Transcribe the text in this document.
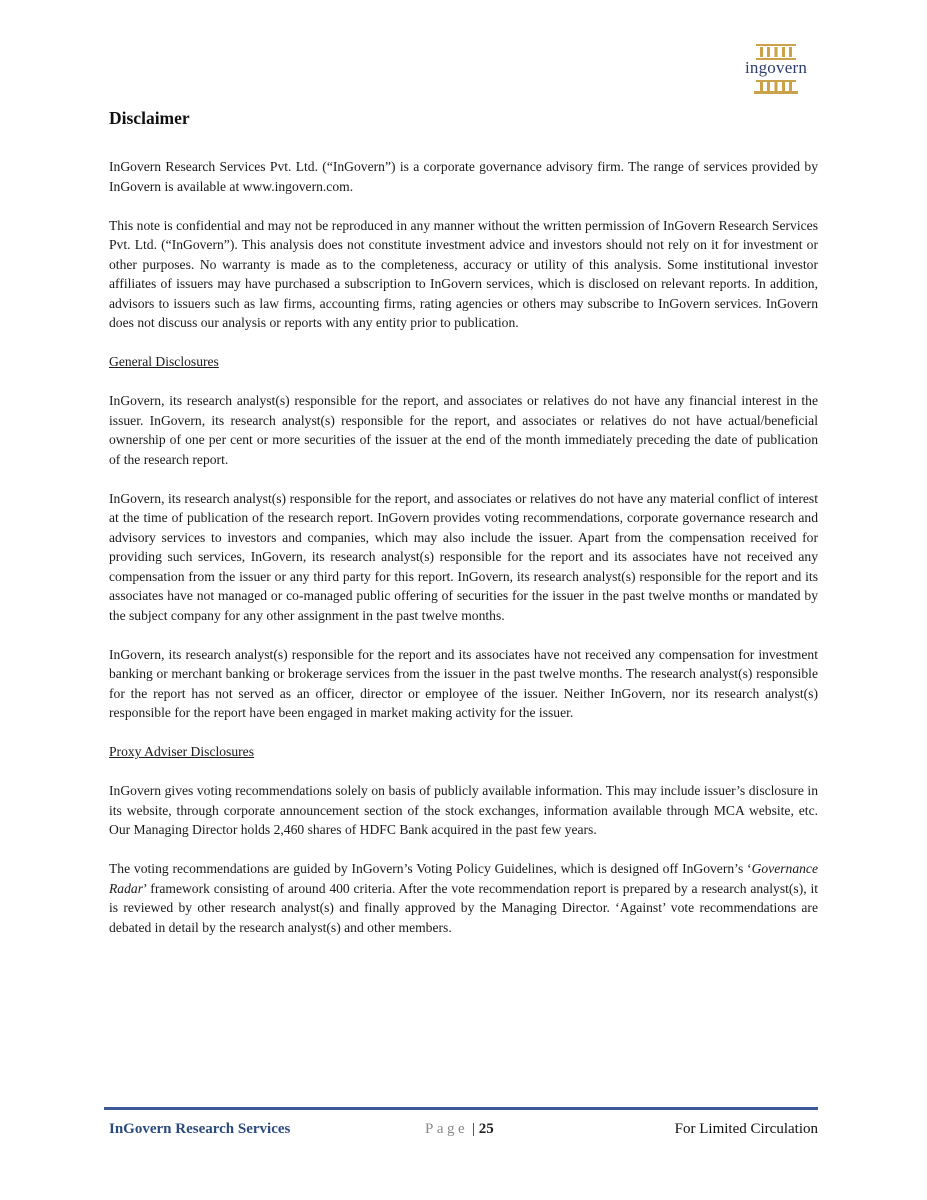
ingovern
Disclaimer

InGovern Research Services Pvt. Ltd. (“InGovern”) is a corporate governance advisory firm. The range of services provided by InGovern is available at www.ingovern.com.

This note is confidential and may not be reproduced in any manner without the written permission of InGovern Research Services Pvt. Ltd. (“InGovern”). This analysis does not constitute investment advice and investors should not rely on it for investment or other purposes. No warranty is made as to the completeness, accuracy or utility of this analysis. Some institutional investor affiliates of issuers may have purchased a subscription to InGovern services, which is disclosed on relevant reports. In addition, advisors to issuers such as law firms, accounting firms, rating agencies or others may subscribe to InGovern services. InGovern does not discuss our analysis or reports with any entity prior to publication.

General Disclosures

InGovern, its research analyst(s) responsible for the report, and associates or relatives do not have any financial interest in the issuer. InGovern, its research analyst(s) responsible for the report, and associates or relatives do not have actual/beneficial ownership of one per cent or more securities of the issuer at the end of the month immediately preceding the date of publication of the research report.

InGovern, its research analyst(s) responsible for the report, and associates or relatives do not have any material conflict of interest at the time of publication of the research report. InGovern provides voting recommendations, corporate governance research and advisory services to investors and companies, which may also include the issuer. Apart from the compensation received for providing such services, InGovern, its research analyst(s) responsible for the report and its associates have not received any compensation from the issuer or any third party for this report. InGovern, its research analyst(s) responsible for the report and its associates have not managed or co-managed public offering of securities for the issuer in the past twelve months or mandated by the subject company for any other assignment in the past twelve months.

InGovern, its research analyst(s) responsible for the report and its associates have not received any compensation for investment banking or merchant banking or brokerage services from the issuer in the past twelve months. The research analyst(s) responsible for the report has not served as an officer, director or employee of the issuer. Neither InGovern, nor its research analyst(s) responsible for the report have been engaged in market making activity for the issuer.

Proxy Adviser Disclosures

InGovern gives voting recommendations solely on basis of publicly available information. This may include issuer’s disclosure in its website, through corporate announcement section of the stock exchanges, information available through MCA website, etc. Our Managing Director holds 2,460 shares of HDFC Bank acquired in the past few years.

The voting recommendations are guided by InGovern’s Voting Policy Guidelines, which is designed off InGovern’s ‘Governance Radar’ framework consisting of around 400 criteria. After the vote recommendation report is prepared by a research analyst(s), it is reviewed by other research analyst(s) and finally approved by the Managing Director. ‘Against’ vote recommendations are debated in detail by the research analyst(s) and other members.

InGovern Research Services	Page | 25	For Limited Circulation
